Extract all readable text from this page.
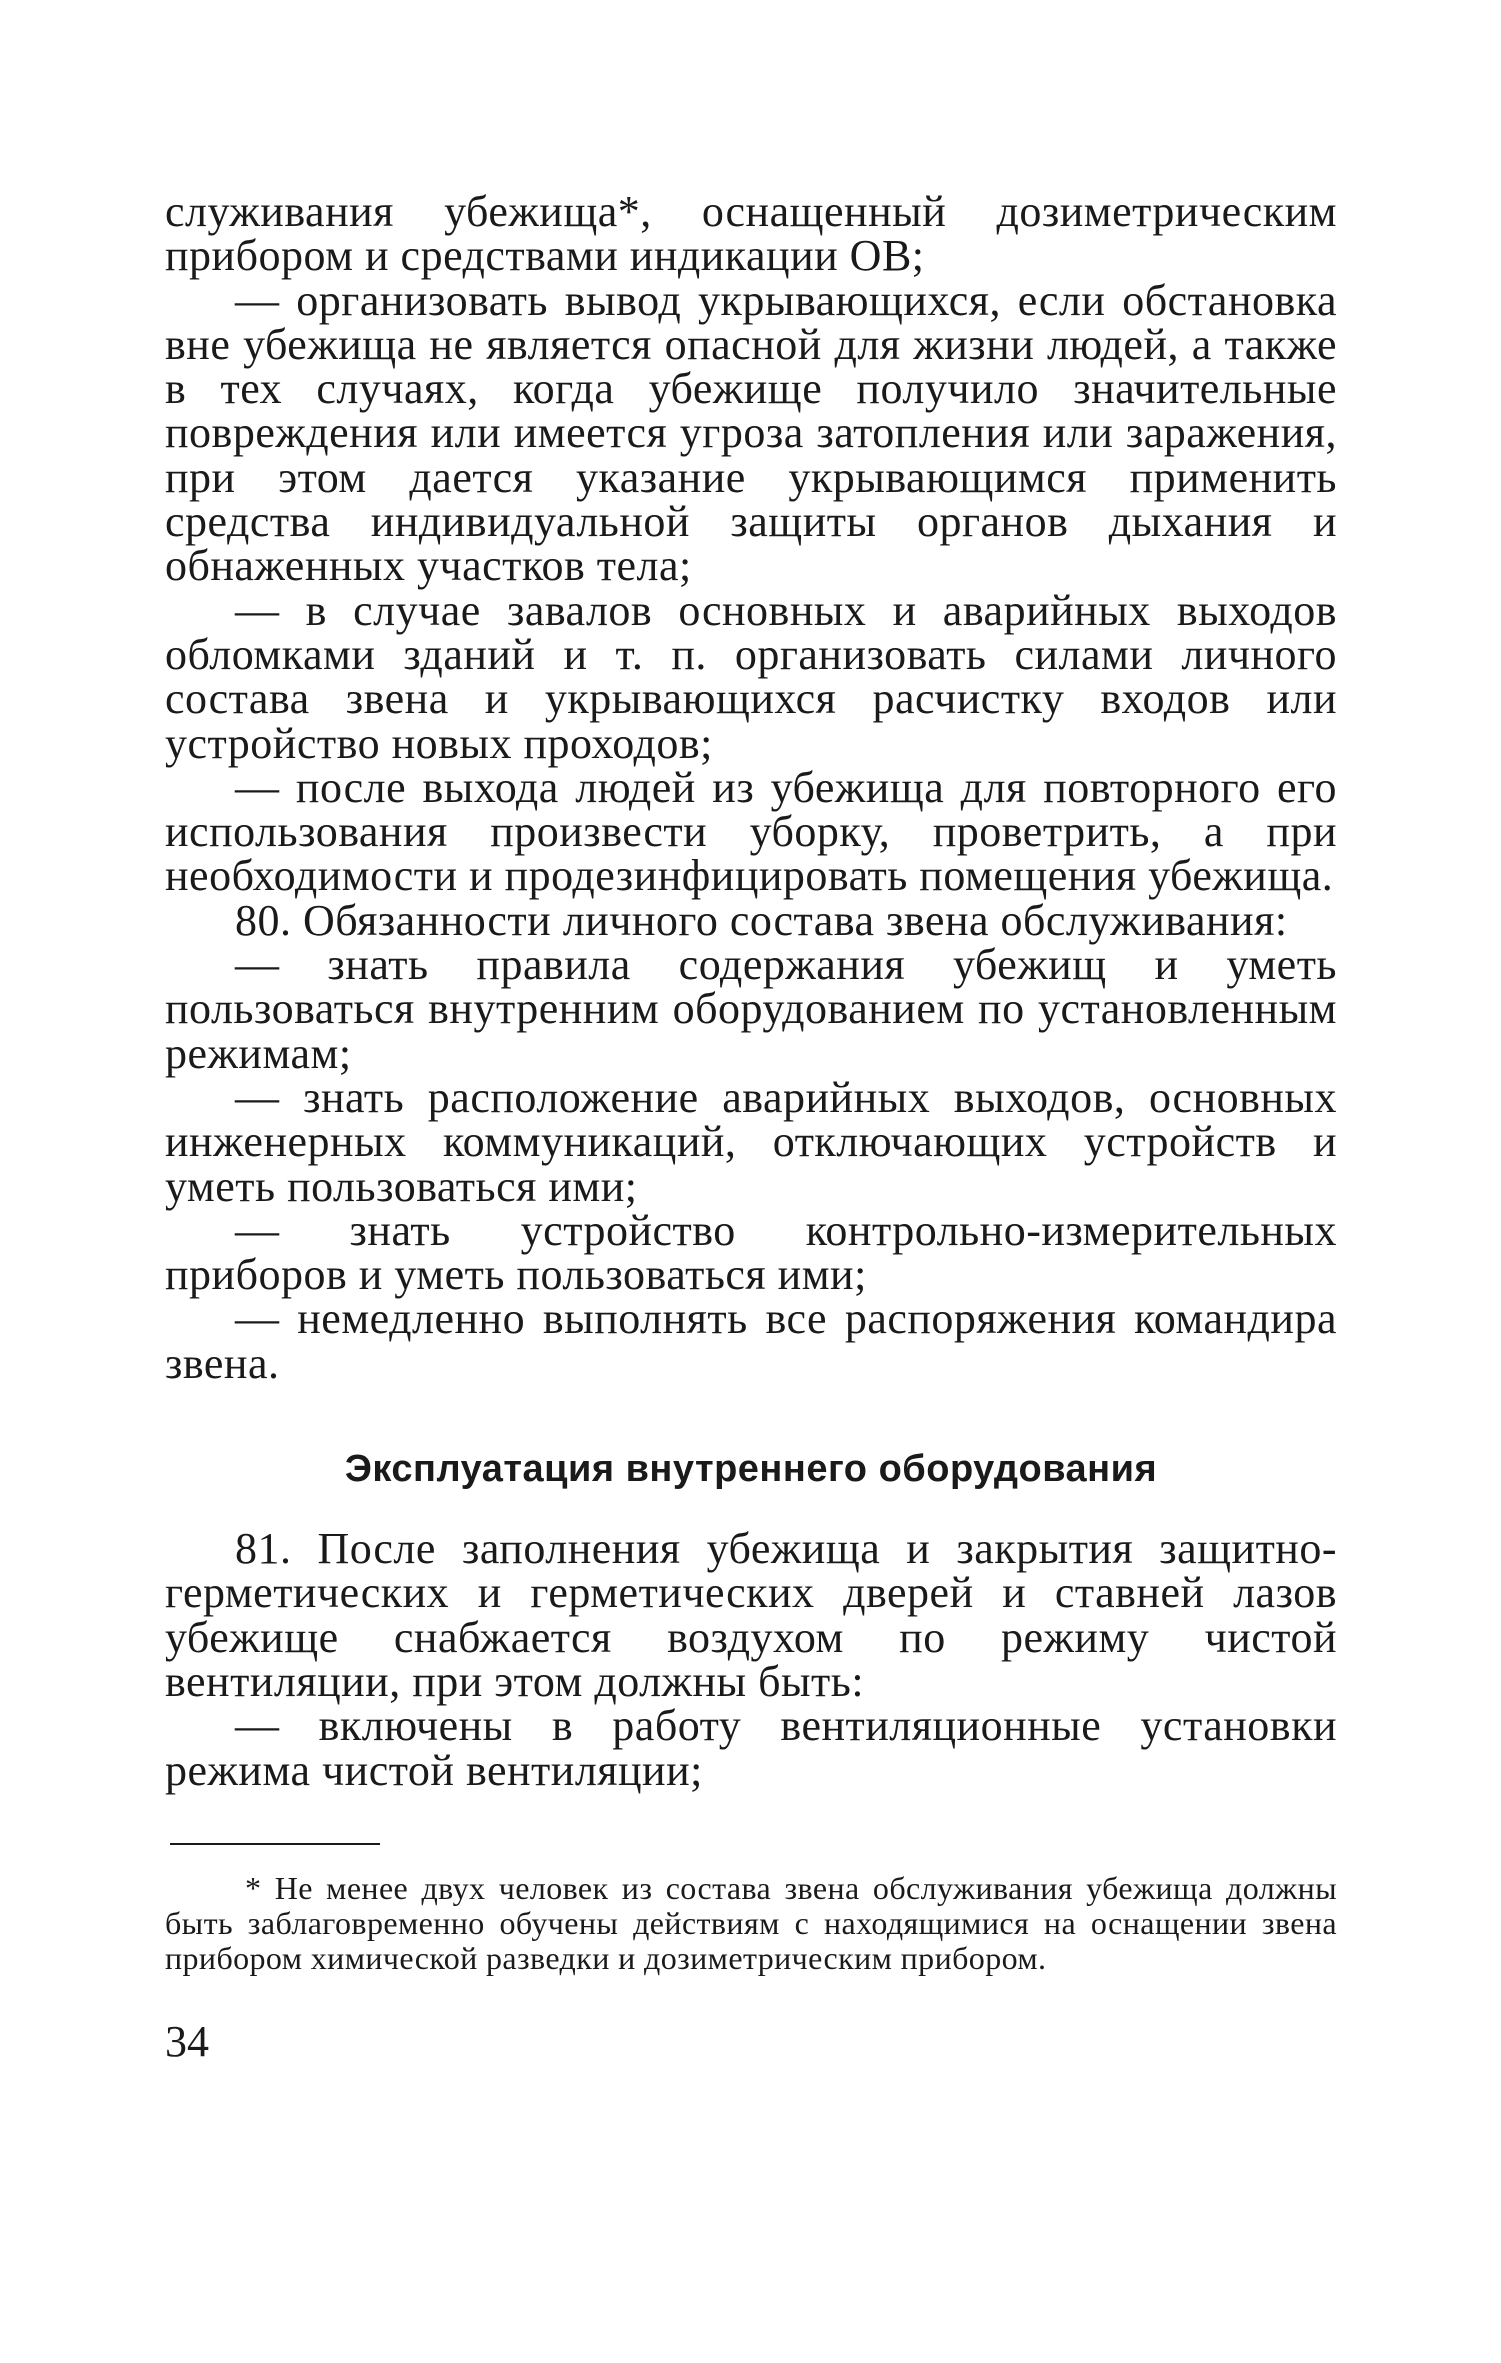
служивания убежища*, оснащенный дозиметрическим прибором и средствами индикации ОВ;

— организовать вывод укрывающихся, если обстановка вне убежища не является опасной для жизни людей, а также в тех случаях, когда убежище получило значительные повреждения или имеется угроза затопления или заражения, при этом дается указание укрывающимся применить средства индивидуальной защиты органов дыхания и обнаженных участков тела;

— в случае завалов основных и аварийных выходов обломками зданий и т. п. организовать силами личного состава звена и укрывающихся расчистку входов или устройство новых проходов;

— после выхода людей из убежища для повторного его использования произвести уборку, проветрить, а при необходимости и продезинфицировать помещения убежища.

80. Обязанности личного состава звена обслуживания:

— знать правила содержания убежищ и уметь пользоваться внутренним оборудованием по установленным режимам;

— знать расположение аварийных выходов, основных инженерных коммуникаций, отключающих устройств и уметь пользоваться ими;

— знать устройство контрольно-измерительных приборов и уметь пользоваться ими;

— немедленно выполнять все распоряжения командира звена.

Эксплуатация внутреннего оборудования

81. После заполнения убежища и закрытия защитно-герметических и герметических дверей и ставней лазов убежище снабжается воздухом по режиму чистой вентиляции, при этом должны быть:

— включены в работу вентиляционные установки режима чистой вентиляции;

* Не менее двух человек из состава звена обслуживания убежища должны быть заблаговременно обучены действиям с находящимися на оснащении звена прибором химической разведки и дозиметрическим прибором.

34
